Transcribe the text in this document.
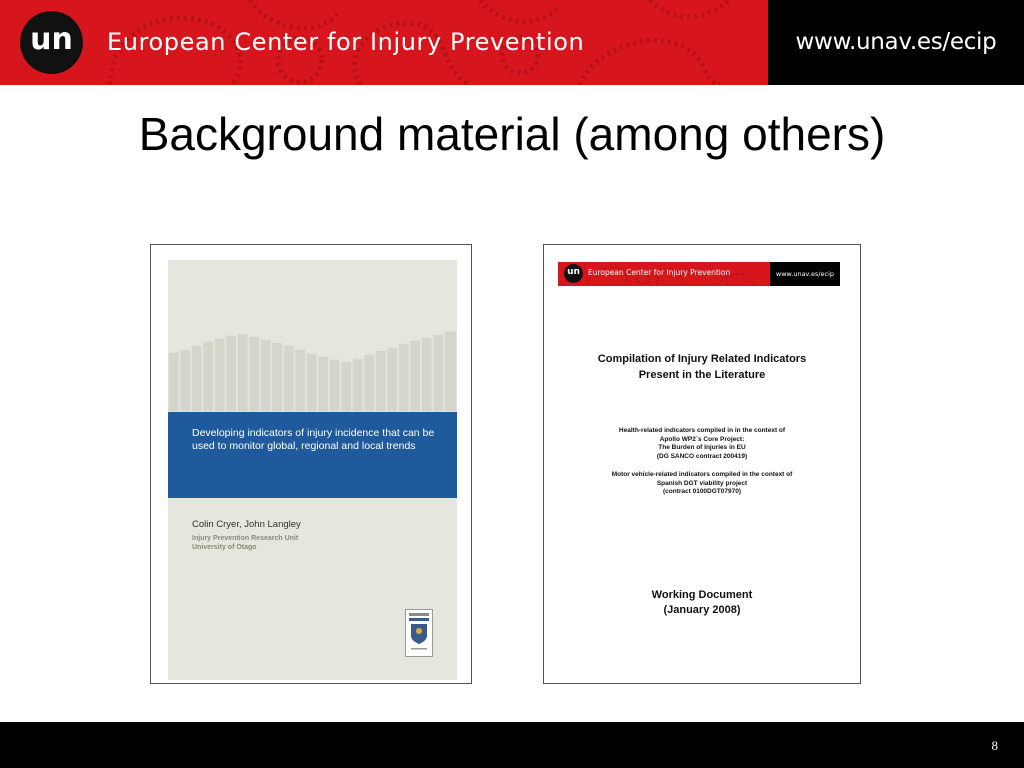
un	European Center for Injury Prevention	www.unav.es/ecip
Background material (among others)
Developing indicators of injury incidence that can be used to monitor global, regional and local trends
Colin Cryer, John Langley
Injury Prevention Research Unit
University of Otago
un	European Center for Injury Prevention	www.unav.es/ecip
Compilation of Injury Related Indicators
Present in the Literature
Health-related indicators compiled in in the context of
Apollo WP2´s Core Project:
The Burden of Injuries in EU
(DG SANCO contract 200419)
Motor vehicle-related indicators compiled in the context of
Spanish DGT viability project
(contract 0100DGT07970)
Working Document
(January 2008)
8
